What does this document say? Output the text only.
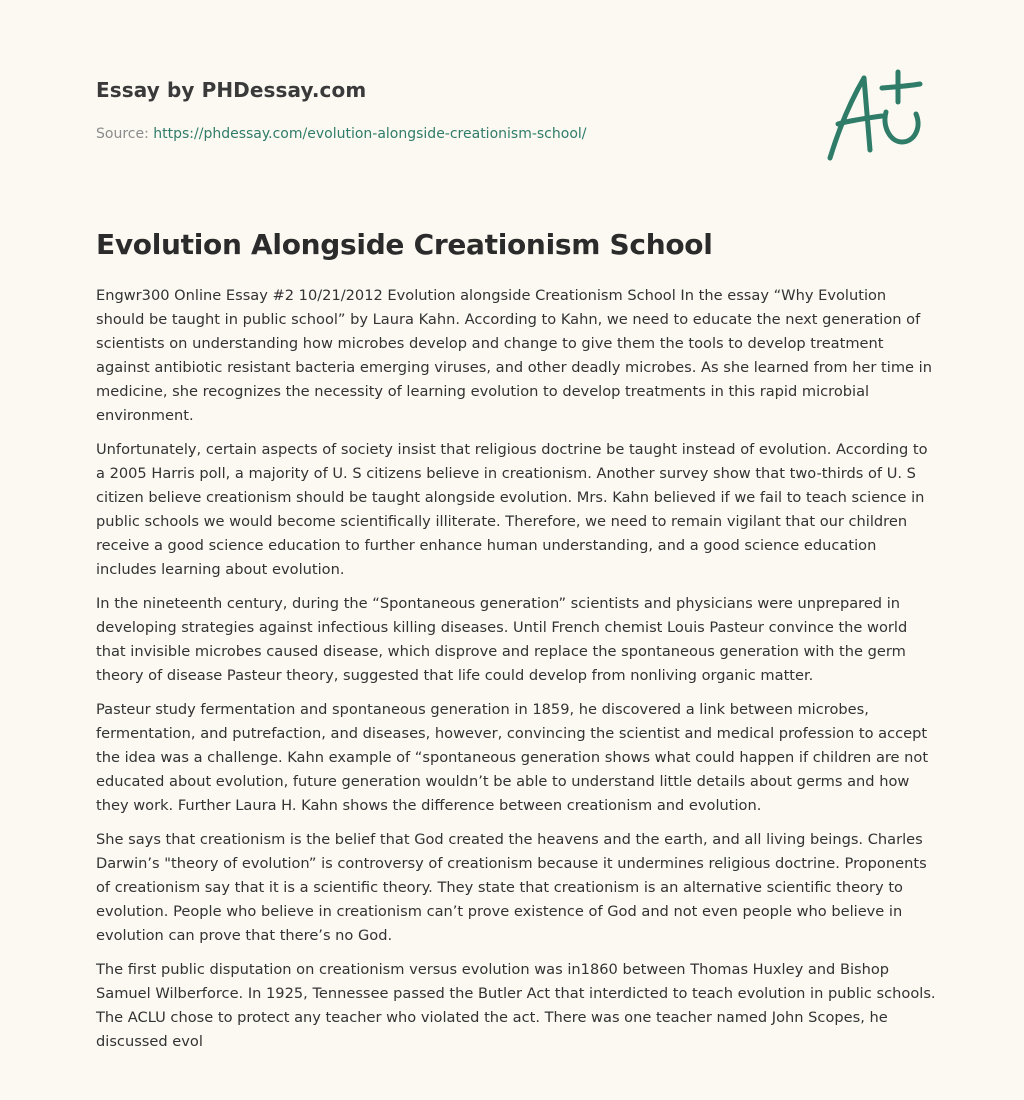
Essay by PHDessay.com
Source: https://phdessay.com/evolution-alongside-creationism-school/
Evolution Alongside Creationism School

Engwr300 Online Essay #2 10/21/2012 Evolution alongside Creationism School In the essay “Why Evolution should be taught in public school” by Laura Kahn. According to Kahn, we need to educate the next generation of scientists on understanding how microbes develop and change to give them the tools to develop treatment against antibiotic resistant bacteria emerging viruses, and other deadly microbes. As she learned from her time in medicine, she recognizes the necessity of learning evolution to develop treatments in this rapid microbial environment.

Unfortunately, certain aspects of society insist that religious doctrine be taught instead of evolution. According to a 2005 Harris poll, a majority of U. S citizens believe in creationism. Another survey show that two-thirds of U. S citizen believe creationism should be taught alongside evolution. Mrs. Kahn believed if we fail to teach science in public schools we would become scientifically illiterate. Therefore, we need to remain vigilant that our children receive a good science education to further enhance human understanding, and a good science education includes learning about evolution.

In the nineteenth century, during the “Spontaneous generation” scientists and physicians were unprepared in developing strategies against infectious killing diseases. Until French chemist Louis Pasteur convince the world that invisible microbes caused disease, which disprove and replace the spontaneous generation with the germ theory of disease Pasteur theory, suggested that life could develop from nonliving organic matter.

Pasteur study fermentation and spontaneous generation in 1859, he discovered a link between microbes, fermentation, and putrefaction, and diseases, however, convincing the scientist and medical profession to accept the idea was a challenge. Kahn example of “spontaneous generation shows what could happen if children are not educated about evolution, future generation wouldn’t be able to understand little details about germs and how they work. Further Laura H. Kahn shows the difference between creationism and evolution.

She says that creationism is the belief that God created the heavens and the earth, and all living beings. Charles Darwin’s "theory of evolution” is controversy of creationism because it undermines religious doctrine. Proponents of creationism say that it is a scientific theory. They state that creationism is an alternative scientific theory to evolution. People who believe in creationism can’t prove existence of God and not even people who believe in evolution can prove that there’s no God.

The first public disputation on creationism versus evolution was in1860 between Thomas Huxley and Bishop Samuel Wilberforce. In 1925, Tennessee passed the Butler Act that interdicted to teach evolution in public schools. The ACLU chose to protect any teacher who violated the act. There was one teacher named John Scopes, he discussed evol
